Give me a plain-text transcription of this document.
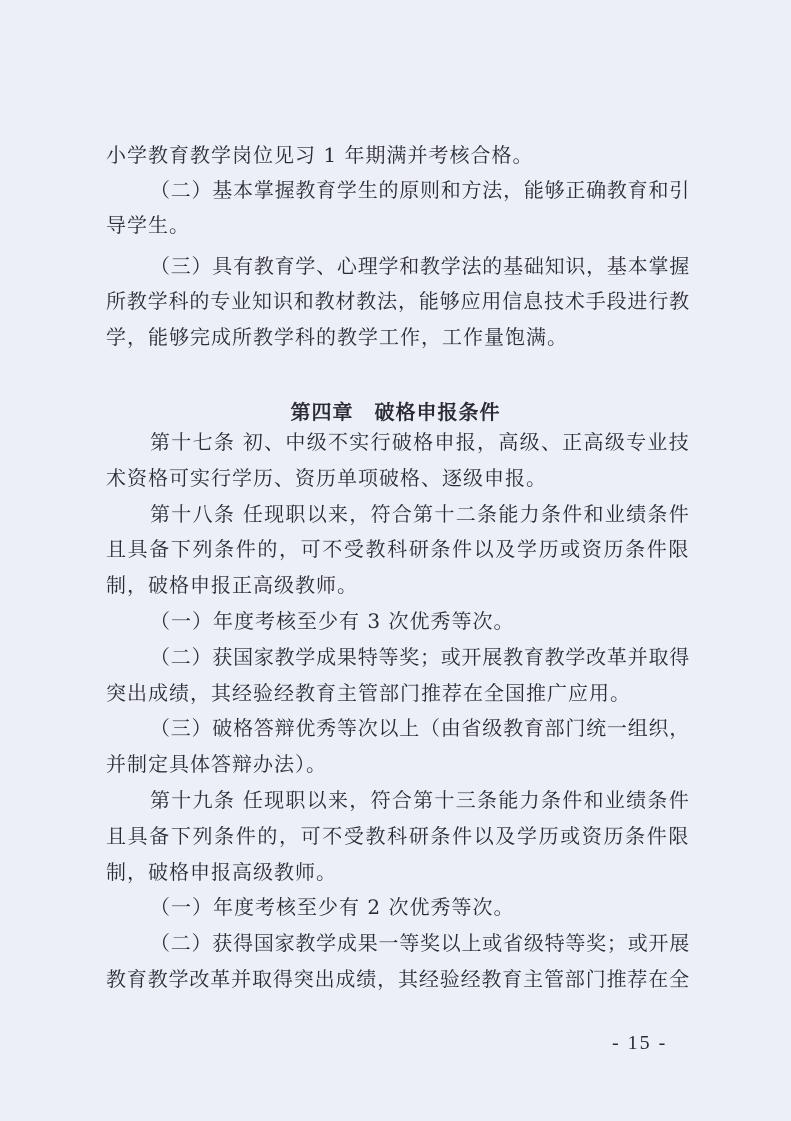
第四章　破格申报条件
- 15 -
小学教育教学岗位见习 1 年期满并考核合格。
（二）基本掌握教育学生的原则和方法，能够正确教育和引
导学生。
（三）具有教育学、心理学和教学法的基础知识，基本掌握
所教学科的专业知识和教材教法，能够应用信息技术手段进行教
学，能够完成所教学科的教学工作，工作量饱满。
第十七条 初、中级不实行破格申报，高级、正高级专业技
术资格可实行学历、资历单项破格、逐级申报。
第十八条 任现职以来，符合第十二条能力条件和业绩条件
且具备下列条件的，可不受教科研条件以及学历或资历条件限
制，破格申报正高级教师。
（一）年度考核至少有 3 次优秀等次。
（二）获国家教学成果特等奖；或开展教育教学改革并取得
突出成绩，其经验经教育主管部门推荐在全国推广应用。
（三）破格答辩优秀等次以上（由省级教育部门统一组织，
并制定具体答辩办法）。
第十九条 任现职以来，符合第十三条能力条件和业绩条件
且具备下列条件的，可不受教科研条件以及学历或资历条件限
制，破格申报高级教师。
（一）年度考核至少有 2 次优秀等次。
（二）获得国家教学成果一等奖以上或省级特等奖；或开展
教育教学改革并取得突出成绩，其经验经教育主管部门推荐在全
